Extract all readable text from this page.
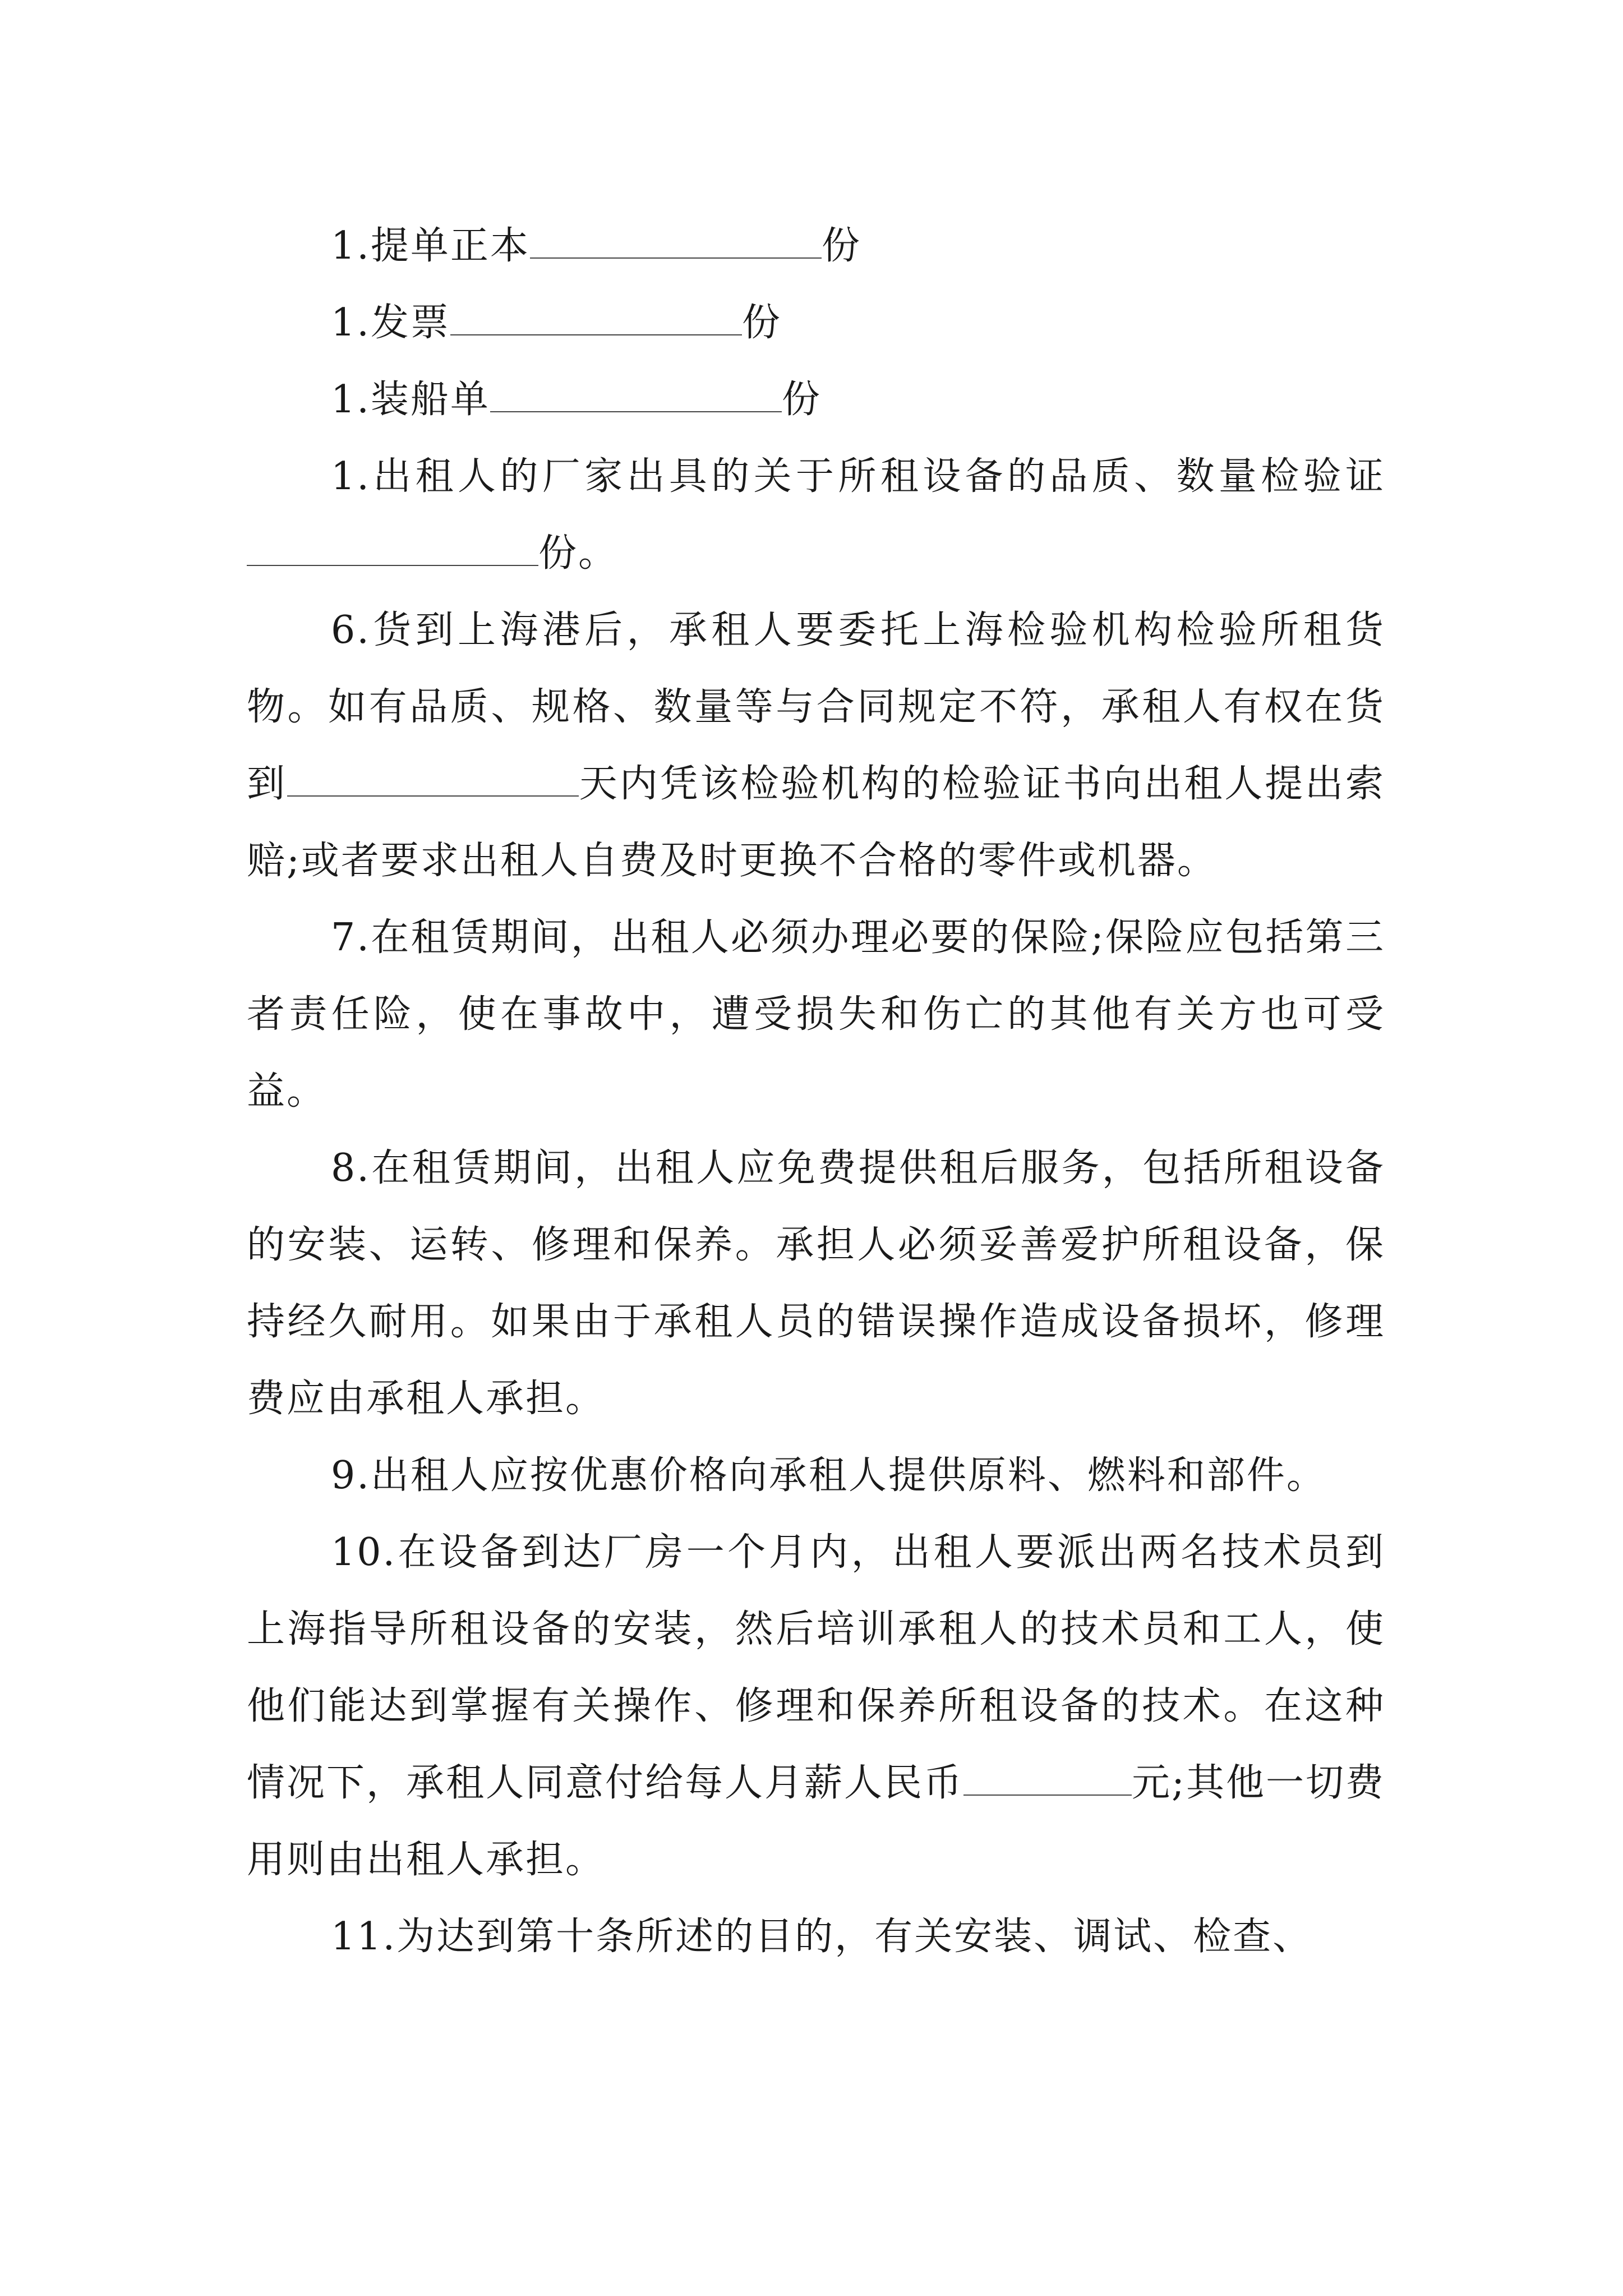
1.提单正本	份

1.发票	份

1.装船单	份

1.出租人的厂家出具的关于所租设备的品质、数量检验证份。

6.货到上海港后，承租人要委托上海检验机构检验所租货物。如有品质、规格、数量等与合同规定不符，承租人有权在货到	天内凭该检验机构的检验证书向出租人提出索赔;或者要求出租人自费及时更换不合格的零件或机器。

7.在租赁期间，出租人必须办理必要的保险;保险应包括第三者责任险，使在事故中，遭受损失和伤亡的其他有关方也可受益。

8.在租赁期间，出租人应免费提供租后服务，包括所租设备的安装、运转、修理和保养。承担人必须妥善爱护所租设备，保持经久耐用。如果由于承租人员的错误操作造成设备损坏，修理费应由承租人承担。

9.出租人应按优惠价格向承租人提供原料、燃料和部件。

10.在设备到达厂房一个月内，出租人要派出两名技术员到上海指导所租设备的安装，然后培训承租人的技术员和工人，使他们能达到掌握有关操作、修理和保养所租设备的技术。在这种情况下，承租人同意付给每人月薪人民币	元;其他一切费用则由出租人承担。

11.为达到第十条所述的目的，有关安装、调试、检查、
